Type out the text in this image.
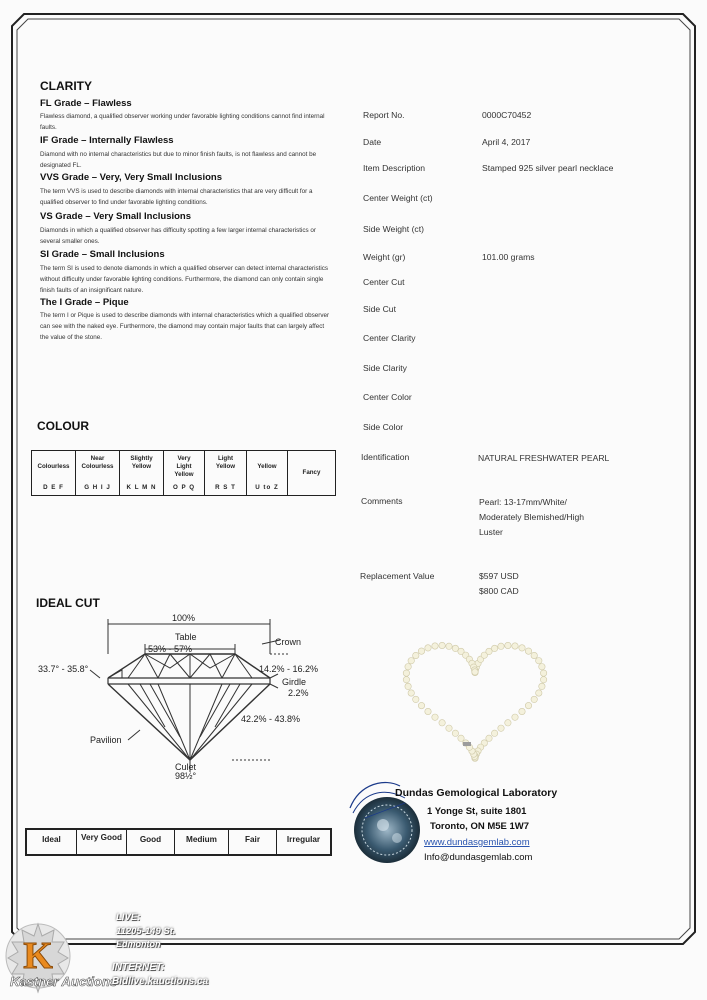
CLARITY
FL Grade – Flawless
Flawless diamond, a qualified observer working under favorable lighting conditions cannot find internal faults.
IF Grade – Internally Flawless
Diamond with no internal characteristics but due to minor finish faults, is not flawless and cannot be designated FL.
VVS Grade – Very, Very Small Inclusions
The term VVS is used to describe diamonds with internal characteristics that are very difficult for a qualified observer to find under favorable lighting conditions.
VS Grade – Very Small Inclusions
Diamonds in which a qualified observer has difficulty spotting a few larger internal characteristics or several smaller ones.
SI Grade – Small Inclusions
The term SI is used to denote diamonds in which a qualified observer can detect internal characteristics without difficulty under favorable lighting conditions. Furthermore, the diamond can only contain single finish faults of an insignificant nature.
The I Grade – Pique
The term I or Pique is used to describe diamonds with internal characteristics which a qualified observer can see with the naked eye. Furthermore, the diamond may contain major faults that can largely affect the value of the stone.
COLOUR
Colourless
D E F
Near Colourless
G H I J
Slightly Yellow
K L M N
Very Light Yellow
O P Q
Light Yellow
R S T
Yellow
U to Z
Fancy
IDEAL CUT
100%
Table
53% - 57%
Crown
33.7° - 35.8°	14.2% - 16.2%
Girdle
2.2%
42.2% - 43.8%
Pavilion
Culet
98½°
Ideal	Very Good	Good	Medium	Fair	Irregular
Report No.	0000C70452
Date	April 4, 2017
Item Description	Stamped 925 silver pearl necklace
Center Weight (ct)
Side Weight (ct)
Weight (gr)	101.00 grams
Center Cut
Side Cut
Center Clarity
Side Clarity
Center Color
Side Color
Identification	NATURAL FRESHWATER PEARL
Comments	Pearl: 13-17mm/White/
Moderately Blemished/High
Luster
Replacement Value	$597 USD
$800 CAD
Dundas Gemological Laboratory
1 Yonge St, suite 1801
Toronto, ON M5E 1W7
www.dundasgemlab.com
Info@dundasgemlab.com
K
Kastner Auctions
LIVE:
11205-149 St.
Edmonton
INTERNET:
Bidlive.kauctions.ca
